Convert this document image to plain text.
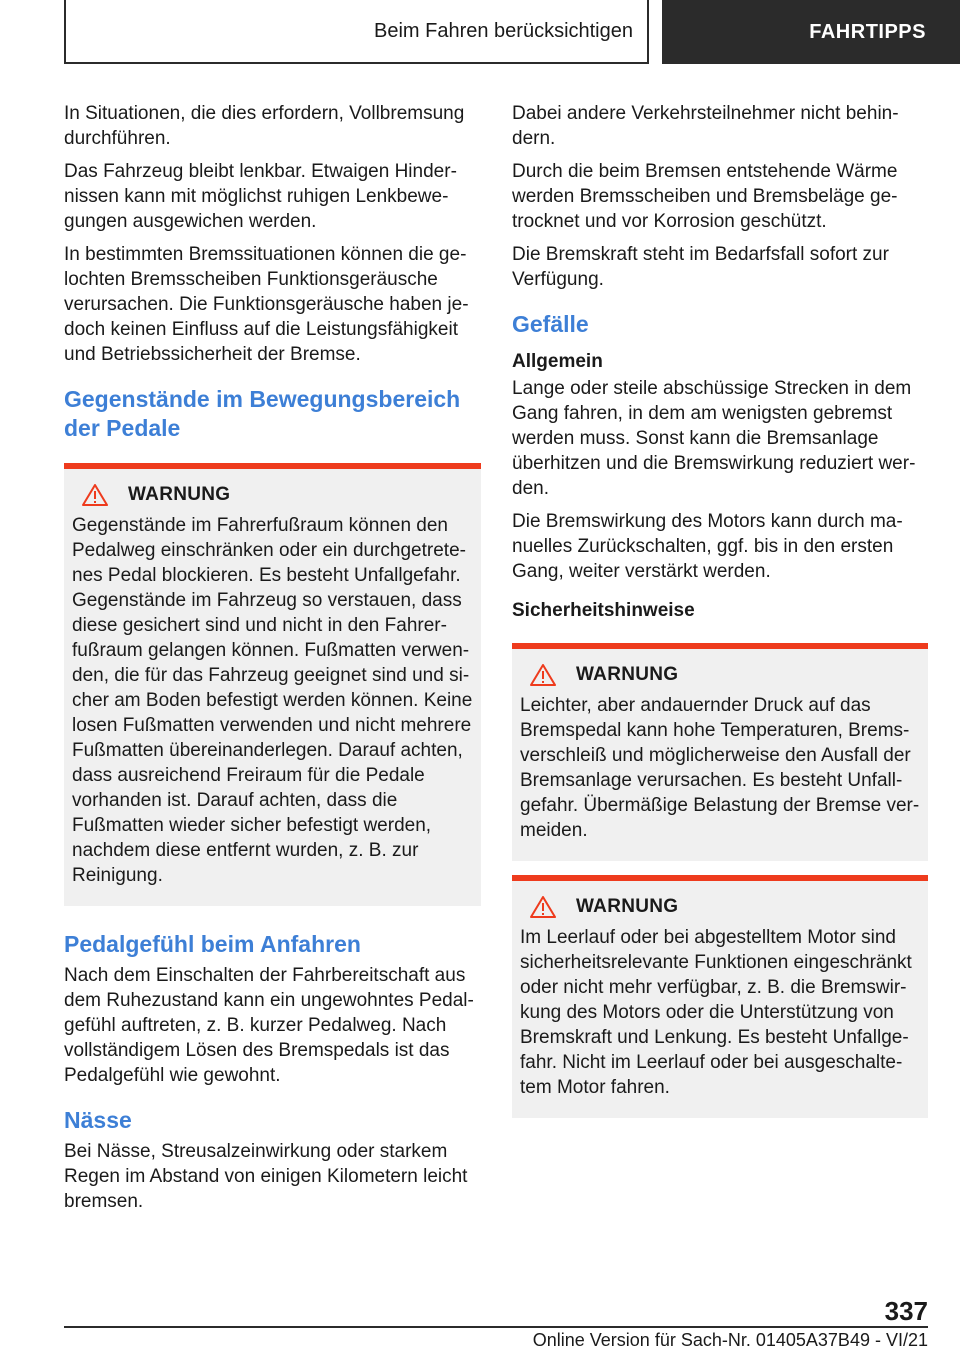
Beim Fahren berücksichtigen	FAHRTIPPS

In Situationen, die dies erfordern, Vollbremsung durchführen.

Das Fahrzeug bleibt lenkbar. Etwaigen Hindernissen kann mit möglichst ruhigen Lenkbewegungen ausgewichen werden.

In bestimmten Bremssituationen können die gelochten Bremsscheiben Funktionsgeräusche verursachen. Die Funktionsgeräusche haben jedoch keinen Einfluss auf die Leistungsfähigkeit und Betriebssicherheit der Bremse.

Gegenstände im Bewegungsbereich der Pedale
WARNUNG

Gegenstände im Fahrerfußraum können den Pedalweg einschränken oder ein durchgetretenes Pedal blockieren. Es besteht Unfallgefahr. Gegenstände im Fahrzeug so verstauen, dass diese gesichert sind und nicht in den Fahrerfußraum gelangen können. Fußmatten verwenden, die für das Fahrzeug geeignet sind und sicher am Boden befestigt werden können. Keine losen Fußmatten verwenden und nicht mehrere Fußmatten übereinanderlegen. Darauf achten, dass ausreichend Freiraum für die Pedale vorhanden ist. Darauf achten, dass die Fußmatten wieder sicher befestigt werden, nachdem diese entfernt wurden, z. B. zur Reinigung.

Pedalgefühl beim Anfahren

Nach dem Einschalten der Fahrbereitschaft aus dem Ruhezustand kann ein ungewohntes Pedalgefühl auftreten, z. B. kurzer Pedalweg. Nach vollständigem Lösen des Bremspedals ist das Pedalgefühl wie gewohnt.

Nässe

Bei Nässe, Streusalzeinwirkung oder starkem Regen im Abstand von einigen Kilometern leicht bremsen.

Dabei andere Verkehrsteilnehmer nicht behindern.

Durch die beim Bremsen entstehende Wärme werden Bremsscheiben und Bremsbeläge getrocknet und vor Korrosion geschützt.

Die Bremskraft steht im Bedarfsfall sofort zur Verfügung.

Gefälle
Allgemein

Lange oder steile abschüssige Strecken in dem Gang fahren, in dem am wenigsten gebremst werden muss. Sonst kann die Bremsanlage überhitzen und die Bremswirkung reduziert werden.

Die Bremswirkung des Motors kann durch manuelles Zurückschalten, ggf. bis in den ersten Gang, weiter verstärkt werden.

Sicherheitshinweise
WARNUNG

Leichter, aber andauernder Druck auf das Bremspedal kann hohe Temperaturen, Bremsverschleiß und möglicherweise den Ausfall der Bremsanlage verursachen. Es besteht Unfallgefahr. Übermäßige Belastung der Bremse vermeiden.

WARNUNG

Im Leerlauf oder bei abgestelltem Motor sind sicherheitsrelevante Funktionen eingeschränkt oder nicht mehr verfügbar, z. B. die Bremswirkung des Motors oder die Unterstützung von Bremskraft und Lenkung. Es besteht Unfallgefahr. Nicht im Leerlauf oder bei ausgeschaltetem Motor fahren.

337
Online Version für Sach-Nr. 01405A37B49 - VI/21
